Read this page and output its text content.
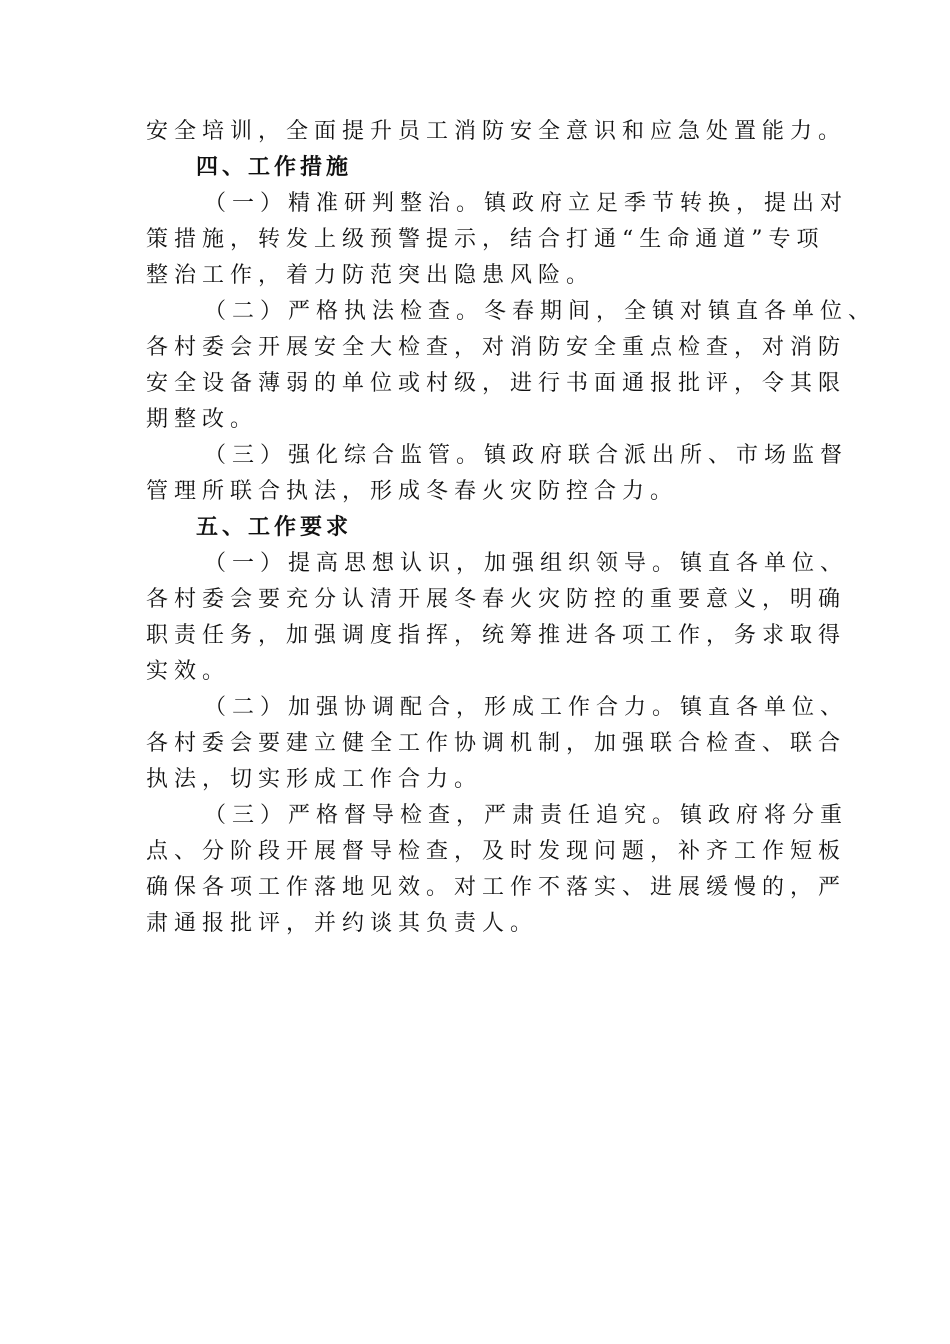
安全培训，全面提升员工消防安全意识和应急处置能力。
四、工作措施
（一）精准研判整治。镇政府立足季节转换，提出对
策措施，转发上级预警提示，结合打通“生命通道”专项
整治工作，着力防范突出隐患风险。
（二）严格执法检查。冬春期间，全镇对镇直各单位、
各村委会开展安全大检查，对消防安全重点检查，对消防
安全设备薄弱的单位或村级，进行书面通报批评，令其限
期整改。
（三）强化综合监管。镇政府联合派出所、市场监督
管理所联合执法，形成冬春火灾防控合力。
五、工作要求
（一）提高思想认识，加强组织领导。镇直各单位、
各村委会要充分认清开展冬春火灾防控的重要意义，明确
职责任务，加强调度指挥，统筹推进各项工作，务求取得
实效。
（二）加强协调配合，形成工作合力。镇直各单位、
各村委会要建立健全工作协调机制，加强联合检查、联合
执法，切实形成工作合力。
（三）严格督导检查，严肃责任追究。镇政府将分重
点、分阶段开展督导检查，及时发现问题，补齐工作短板
确保各项工作落地见效。对工作不落实、进展缓慢的，严
肃通报批评，并约谈其负责人。
